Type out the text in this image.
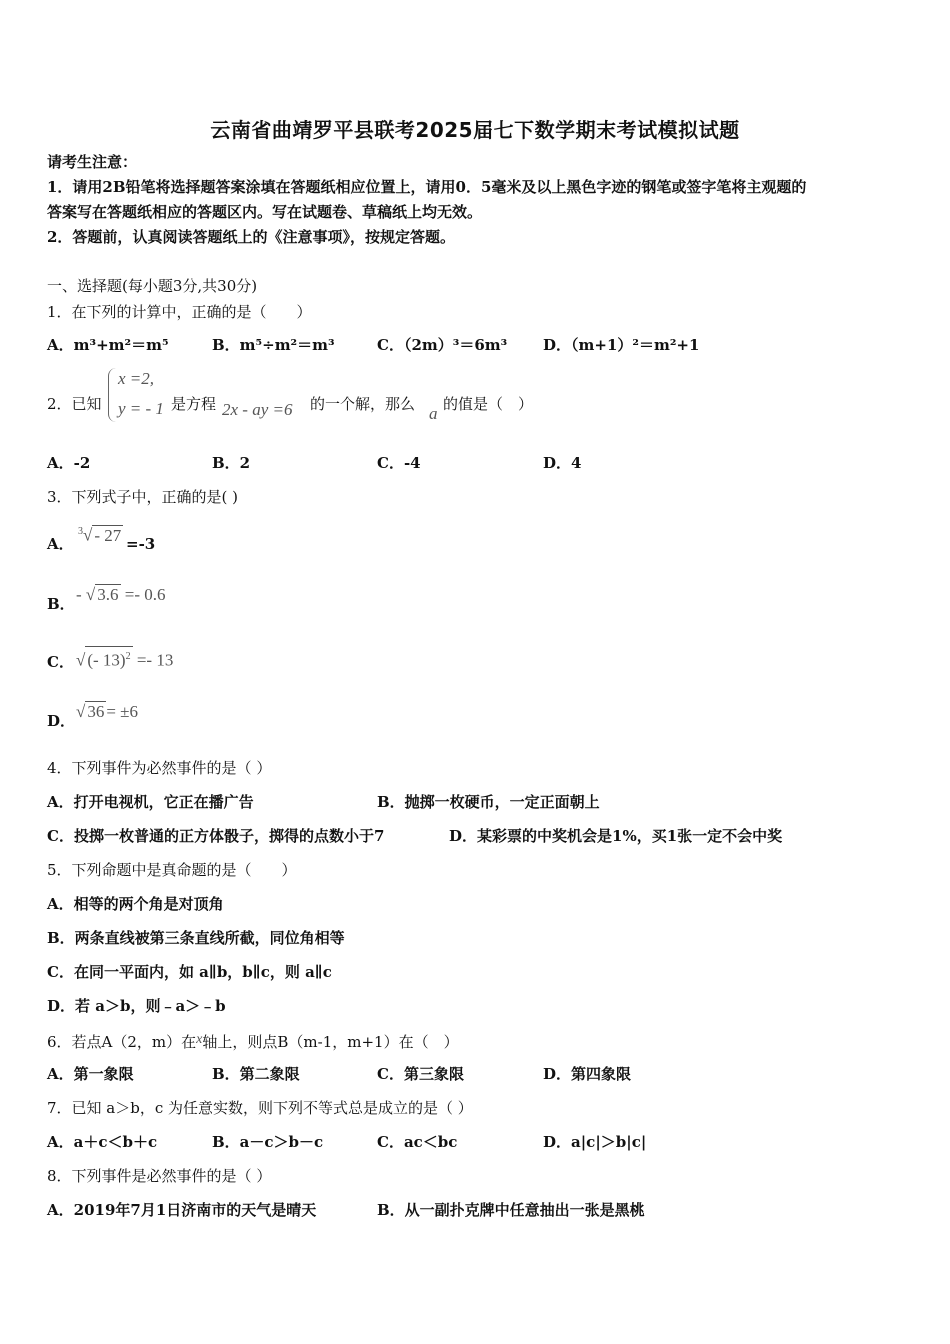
云南省曲靖罗平县联考2025届七下数学期末考试模拟试题
请考生注意：
1．请用2B铅笔将选择题答案涂填在答题纸相应位置上，请用0．5毫米及以上黑色字迹的钢笔或签字笔将主观题的
答案写在答题纸相应的答题区内。写在试题卷、草稿纸上均无效。
2．答题前，认真阅读答题纸上的《注意事项》，按规定答题。
一、选择题(每小题3分,共30分)
1．在下列的计算中，正确的是（　　）
A．m³+m²＝m⁵	B．m⁵÷m²＝m³	C．（2m）³＝6m³ D．（m+1）²＝m²+1
2．已知
x =2,
y = - 1 是方程 2x - ay =6 的一个解，那么 a 的值是（　）
A．-2	B．2	C．-4	D．4
3．下列式子中，正确的是( )
A．
$^3$√ - 27 =-3
B． - √ 3.6 =- 0.6
C． √ (- 13)$^2$ =- 13
D． √ 36 = ±6
4．下列事件为必然事件的是（ ）
A．打开电视机，它正在播广告	B．抛掷一枚硬币，一定正面朝上
C．投掷一枚普通的正方体骰子，掷得的点数小于7	D．某彩票的中奖机会是1%，买1张一定不会中奖
5．下列命题中是真命题的是（　　）
A．相等的两个角是对顶角
B．两条直线被第三条直线所截，同位角相等
C．在同一平面内，如 a∥b，b∥c，则 a∥c
D．若 a＞b，则﹣a＞﹣b
6．若点A（2，m）在x轴上，则点B（m-1，m+1）在（　）
A．第一象限	B．第二象限	C．第三象限	D．第四象限
7．已知 a＞b，c 为任意实数，则下列不等式总是成立的是（ ）
A．a＋c＜b＋c	B．a－c＞b－c	C．ac＜bc	D．a|c|＞b|c|
8．下列事件是必然事件的是（ ）
A．2019年7月1日济南市的天气是晴天	B．从一副扑克牌中任意抽出一张是黑桃
